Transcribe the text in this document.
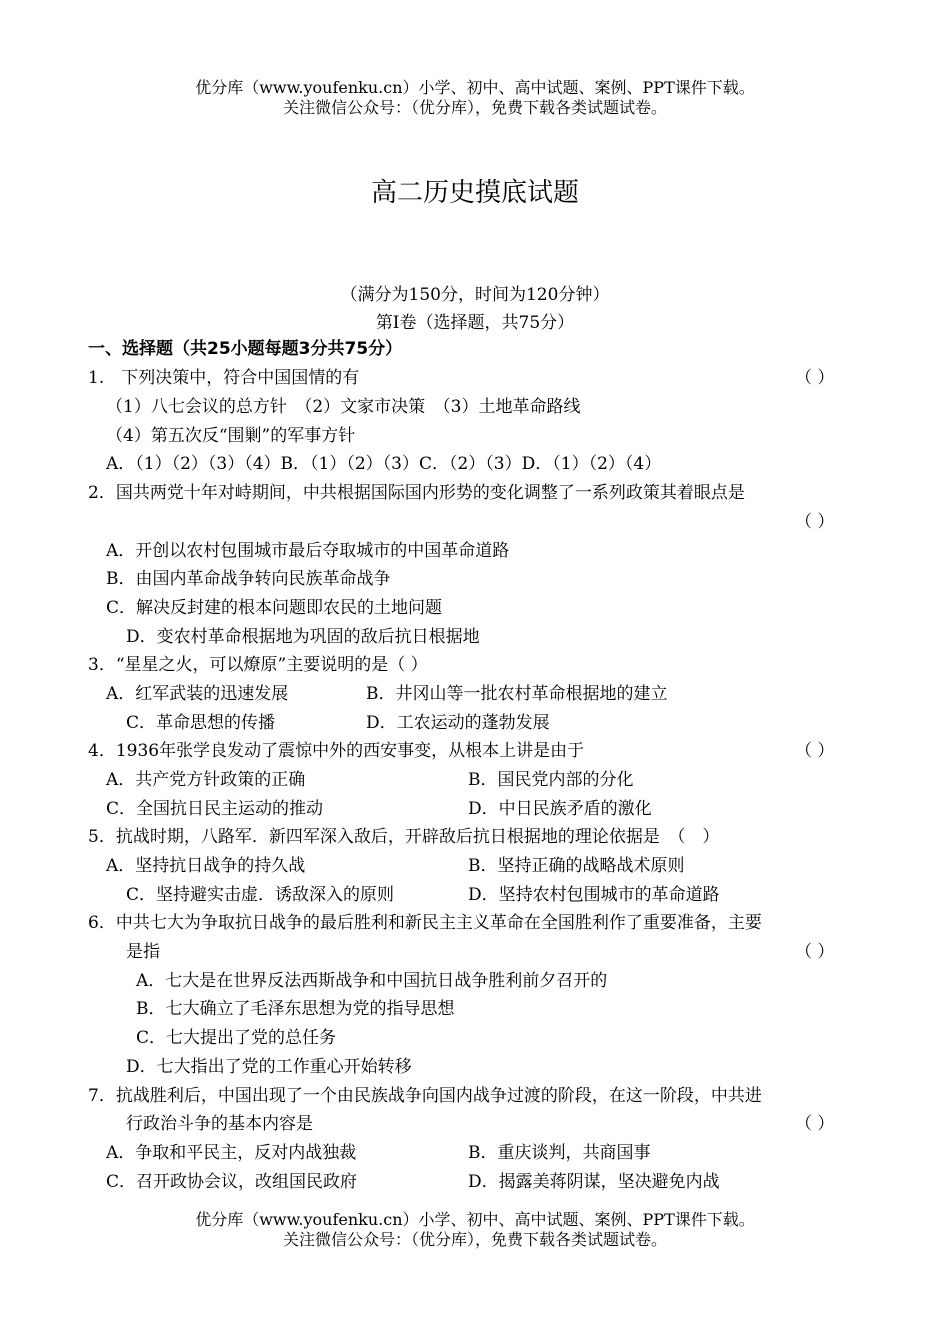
优分库（www.youfenku.cn）小学、初中、高中试题、案例、PPT课件下载。
关注微信公众号：（优分库），免费下载各类试题试卷。
高二历史摸底试题
（满分为150分，时间为120分钟）
第Ⅰ卷（选择题，共75分）
一、选择题（共25小题每题3分共75分）
1.　下列决策中，符合中国国情的有	（ ）
（1）八七会议的总方针　（2）文家市决策　（3）土地革命路线
（4）第五次反“围剿”的军事方针
A．（1）（2）（3）（4）B．（1）（2）（3）C．（2）（3）D．（1）（2）（4）
2．国共两党十年对峙期间，中共根据国际国内形势的变化调整了一系列政策其着眼点是
（ ）
A．开创以农村包围城市最后夺取城市的中国革命道路
B．由国内革命战争转向民族革命战争
C．解决反封建的根本问题即农民的土地问题
D．变农村革命根据地为巩固的敌后抗日根据地
3．“星星之火，可以燎原”主要说明的是（ ）
A．红军武装的迅速发展	B．井冈山等一批农村革命根据地的建立
C．革命思想的传播	D．工农运动的蓬勃发展
4．1936年张学良发动了震惊中外的西安事变，从根本上讲是由于	（ ）
A．共产党方针政策的正确	B．国民党内部的分化
C．全国抗日民主运动的推动	D．中日民族矛盾的激化
5．抗战时期，八路军．新四军深入敌后，开辟敌后抗日根据地的理论依据是　（　）
A．坚持抗日战争的持久战	B．坚持正确的战略战术原则
C．坚持避实击虚．诱敌深入的原则	D．坚持农村包围城市的革命道路
6．中共七大为争取抗日战争的最后胜利和新民主主义革命在全国胜利作了重要准备，主要
是指	（ ）
A．七大是在世界反法西斯战争和中国抗日战争胜利前夕召开的
B．七大确立了毛泽东思想为党的指导思想
C．七大提出了党的总任务
D．七大指出了党的工作重心开始转移
7．抗战胜利后，中国出现了一个由民族战争向国内战争过渡的阶段，在这一阶段，中共进
行政治斗争的基本内容是	（ ）
A．争取和平民主，反对内战独裁	B．重庆谈判，共商国事
C．召开政协会议，改组国民政府	D．揭露美蒋阴谋，坚决避免内战
优分库（www.youfenku.cn）小学、初中、高中试题、案例、PPT课件下载。
关注微信公众号：（优分库），免费下载各类试题试卷。
